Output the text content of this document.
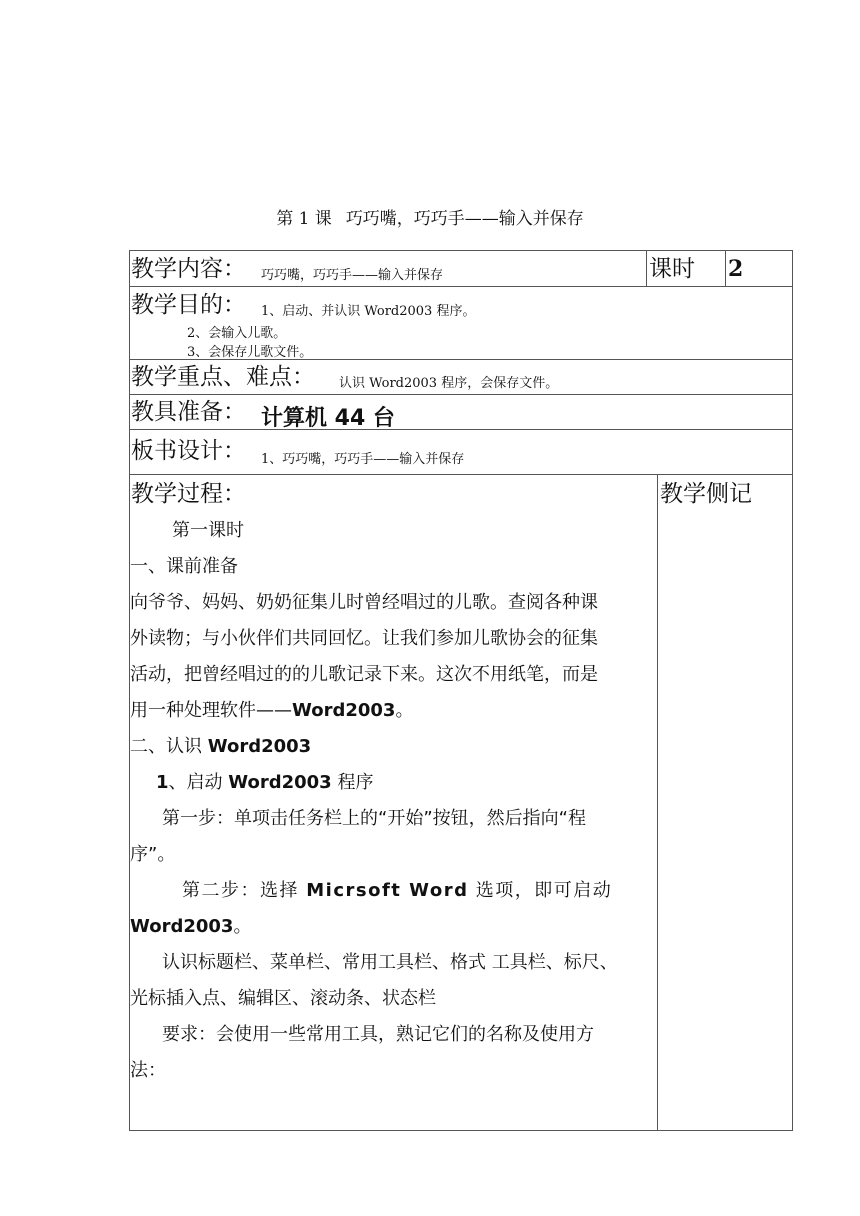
第 1 课 巧巧嘴，巧巧手——输入并保存
教学内容： 巧巧嘴，巧巧手——输入并保存	课时 2
教学目的： 1、启动、并认识 Word2003 程序。
2、会输入儿歌。
3、会保存儿歌文件。
教学重点、难点： 认识 Word2003 程序，会保存文件。
教具准备： 计算机 44 台
板书设计： 1、巧巧嘴，巧巧手——输入并保存
教学过程：	教学侧记
第一课时
一、课前准备
向爷爷、妈妈、奶奶征集儿时曾经唱过的儿歌。查阅各种课
外读物；与小伙伴们共同回忆。让我们参加儿歌协会的征集
活动，把曾经唱过的的儿歌记录下来。这次不用纸笔，而是
用一种处理软件——Word2003。
二、认识 Word2003
1、启动 Word2003 程序
第一步：单项击任务栏上的“开始”按钮，然后指向“程
序”。
第二步：选择 Micrsoft Word 选项，即可启动
Word2003。
认识标题栏、菜单栏、常用工具栏、格式 工具栏、标尺、
光标插入点、编辑区、滚动条、状态栏
要求：会使用一些常用工具，熟记它们的名称及使用方
法：
